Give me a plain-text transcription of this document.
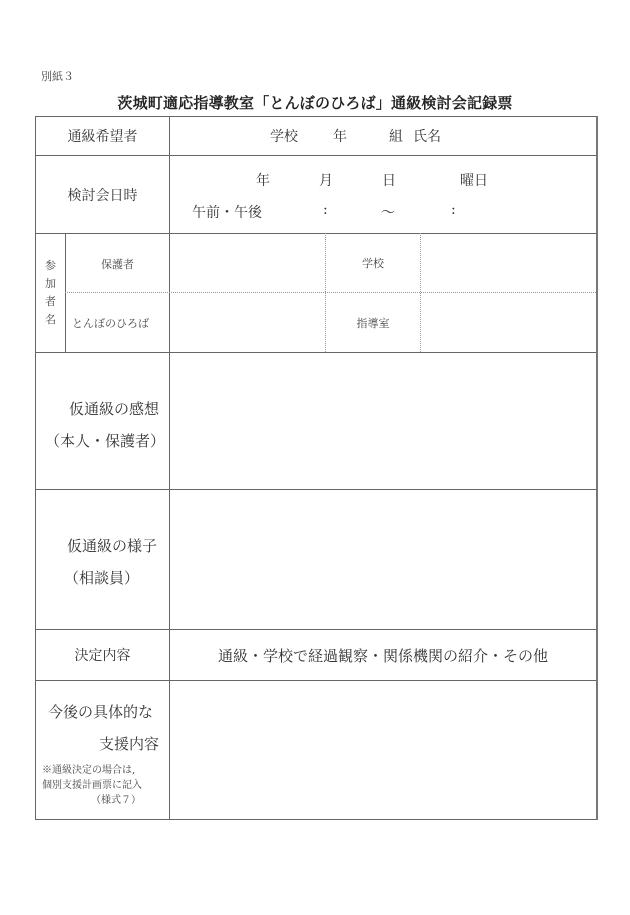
別紙３
茨城町適応指導教室「とんぼのひろば」通級検討会記録票
通級希望者	学校	年	組 氏名
検討会日時
年	月	日	曜日
午前・午後	:	〜	:
参
加
者
名
保護者	学校
とんぼのひろば	指導室
仮通級の感想
（本人・保護者）
仮通級の様子
（相談員）
決定内容	通級・学校で経過観察・関係機関の紹介・その他
今後の具体的な
支援内容
※通級決定の場合は,
個別支援計画票に記入
（様式７）
